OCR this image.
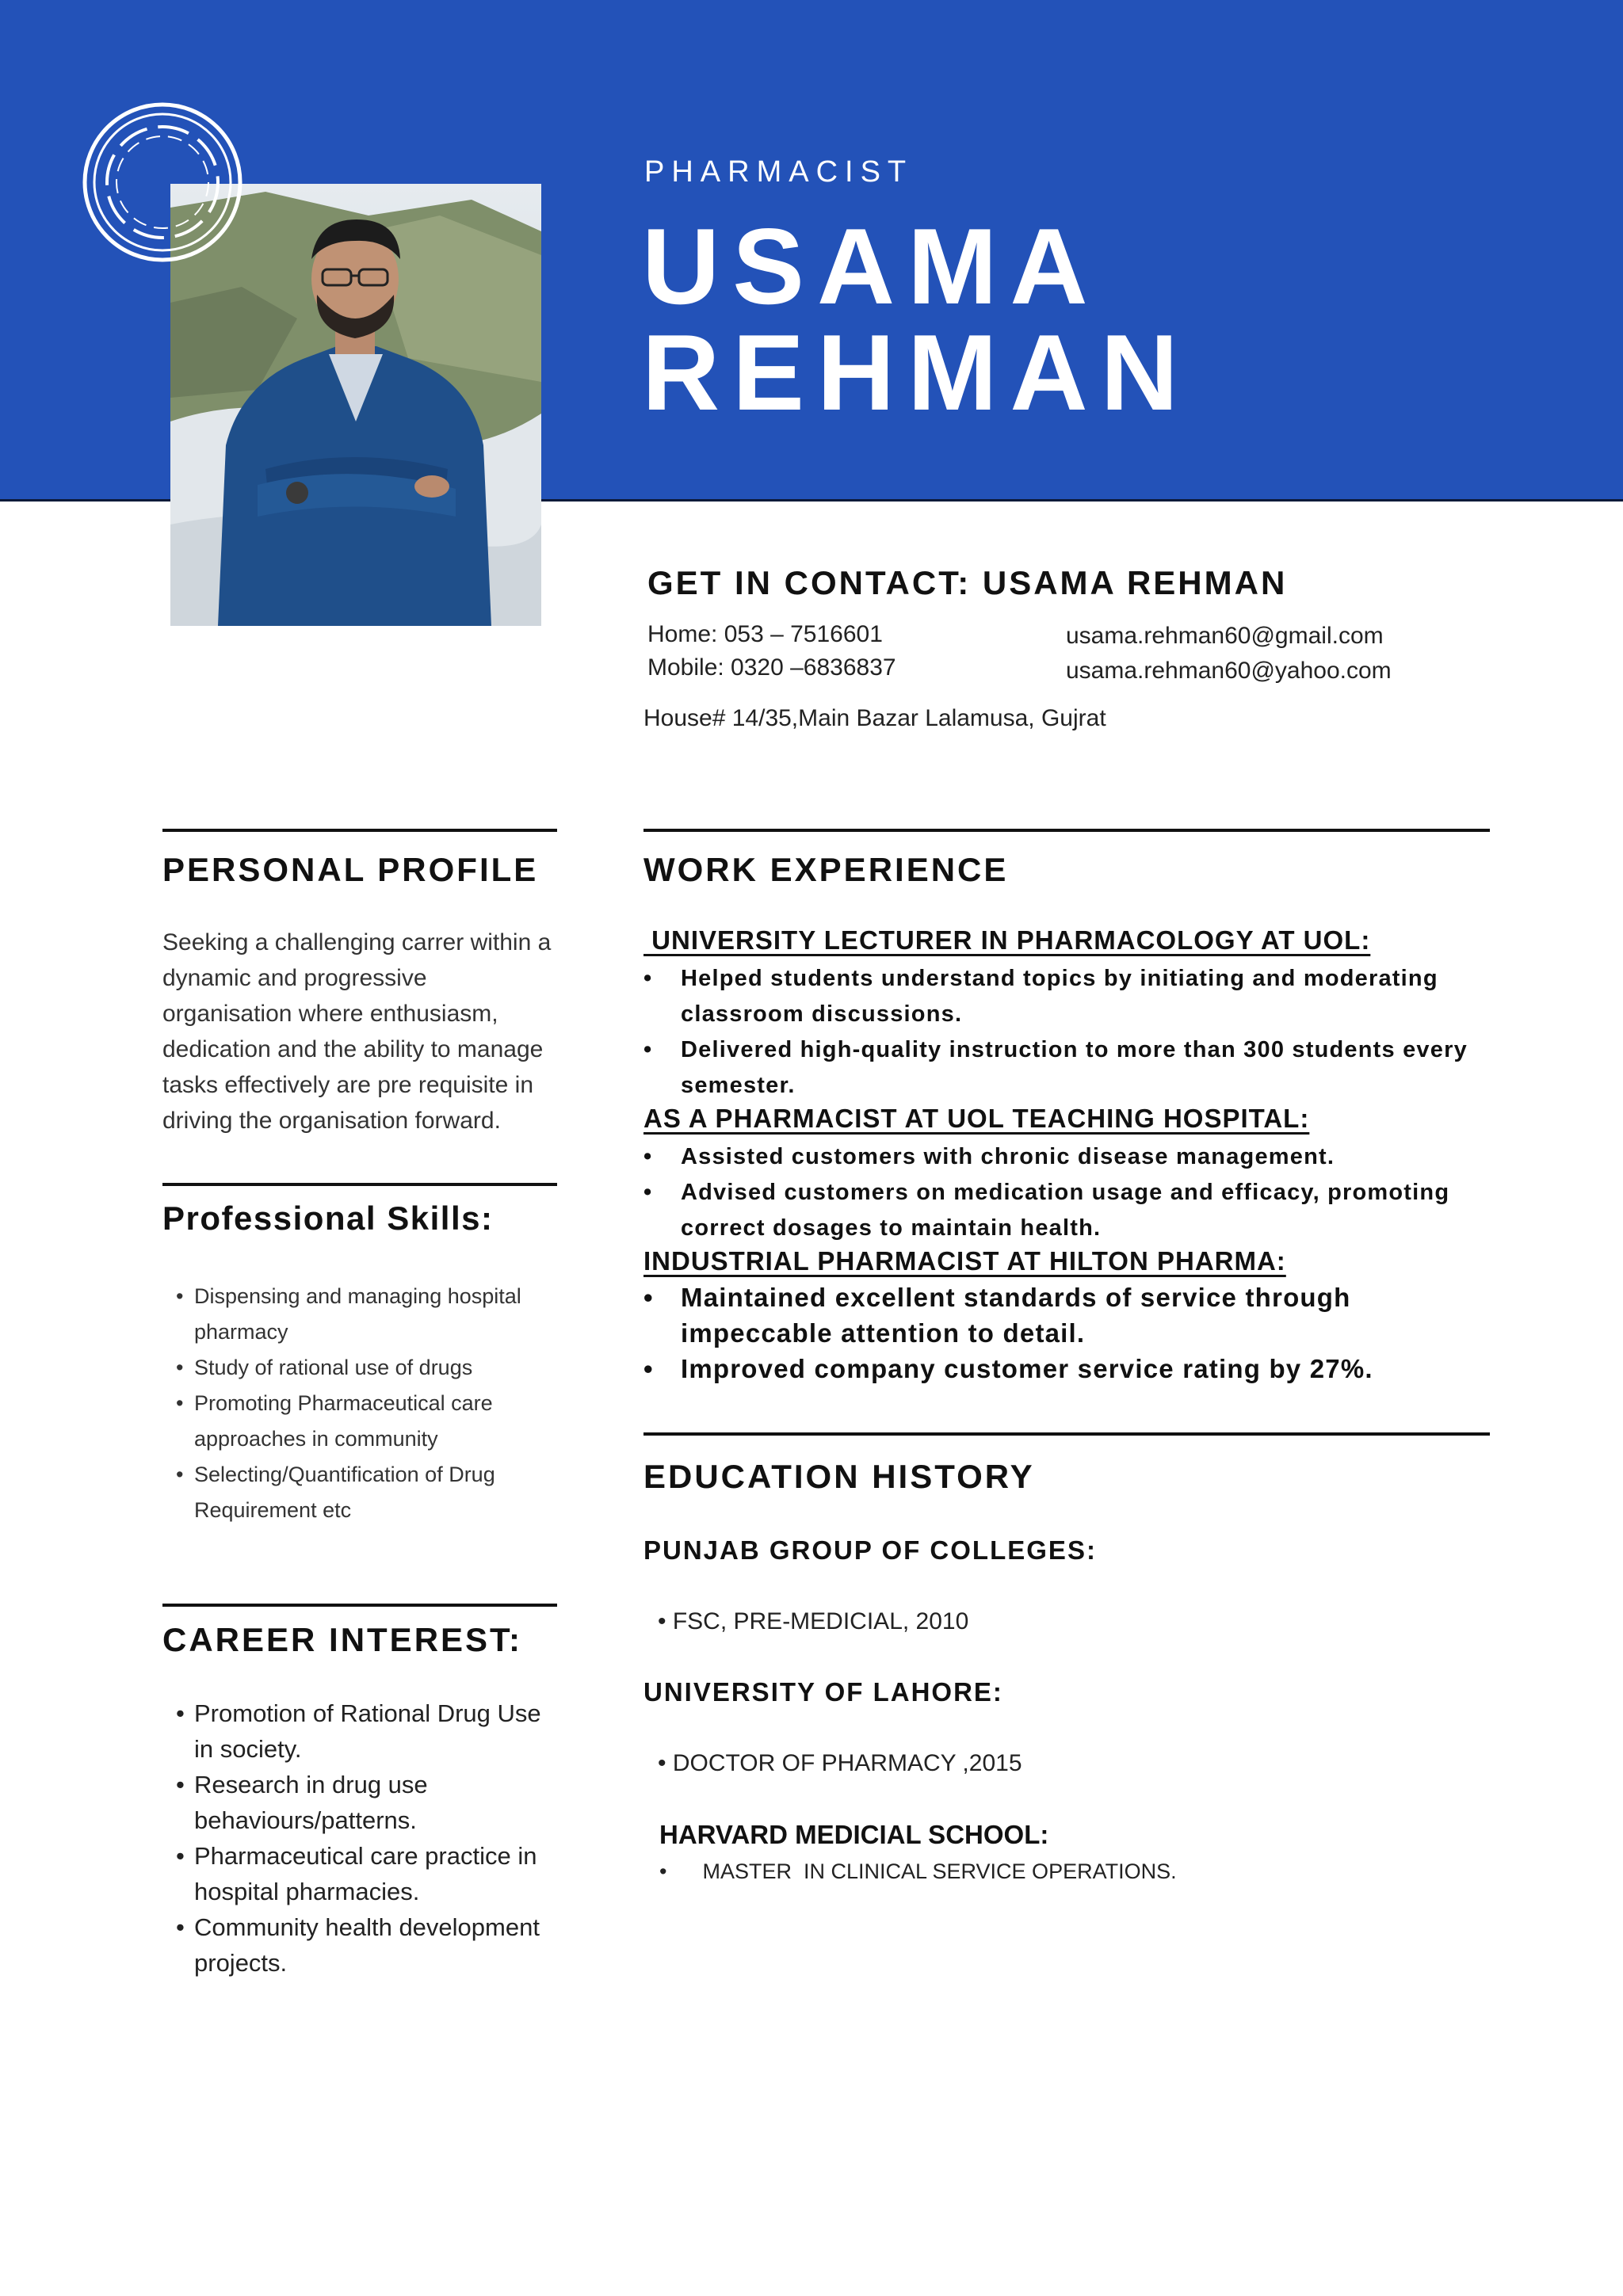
PHARMACIST
USAMA
REHMAN
GET IN CONTACT: USAMA REHMAN
Home: 053 – 7516601
Mobile: 0320 –6836837
usama.rehman60@gmail.com
usama.rehman60@yahoo.com
House# 14/35,Main Bazar Lalamusa, Gujrat
PERSONAL PROFILE

Seeking a challenging carrer within a dynamic and progressive organisation where enthusiasm, dedication and the ability to manage tasks effectively are pre requisite in driving the organisation forward.

Professional Skills:
• Dispensing and managing hospital pharmacy
• Study of rational use of drugs
• Promoting Pharmaceutical care approaches in community
• Selecting/Quantification of Drug Requirement etc
CAREER INTEREST:
• Promotion of Rational Drug Use in society.
• Research in drug use behaviours/patterns.
• Pharmaceutical care practice in hospital pharmacies.
• Community health development projects.
WORK EXPERIENCE
UNIVERSITY LECTURER IN PHARMACOLOGY AT UOL:
• Helped students understand topics by initiating and moderating classroom discussions.
• Delivered high-quality instruction to more than 300 students every semester.
AS A PHARMACIST AT UOL TEACHING HOSPITAL:
• Assisted customers with chronic disease management.
• Advised customers on medication usage and efficacy, promoting correct dosages to maintain health.
INDUSTRIAL PHARMACIST AT HILTON PHARMA:
• Maintained excellent standards of service through impeccable attention to detail.
• Improved company customer service rating by 27%.
EDUCATION HISTORY
PUNJAB GROUP OF COLLEGES:
• FSC, PRE-MEDICIAL, 2010
UNIVERSITY OF LAHORE:
• DOCTOR OF PHARMACY ,2015
HARVARD MEDICIAL SCHOOL:
•      MASTER  IN CLINICAL SERVICE OPERATIONS.
